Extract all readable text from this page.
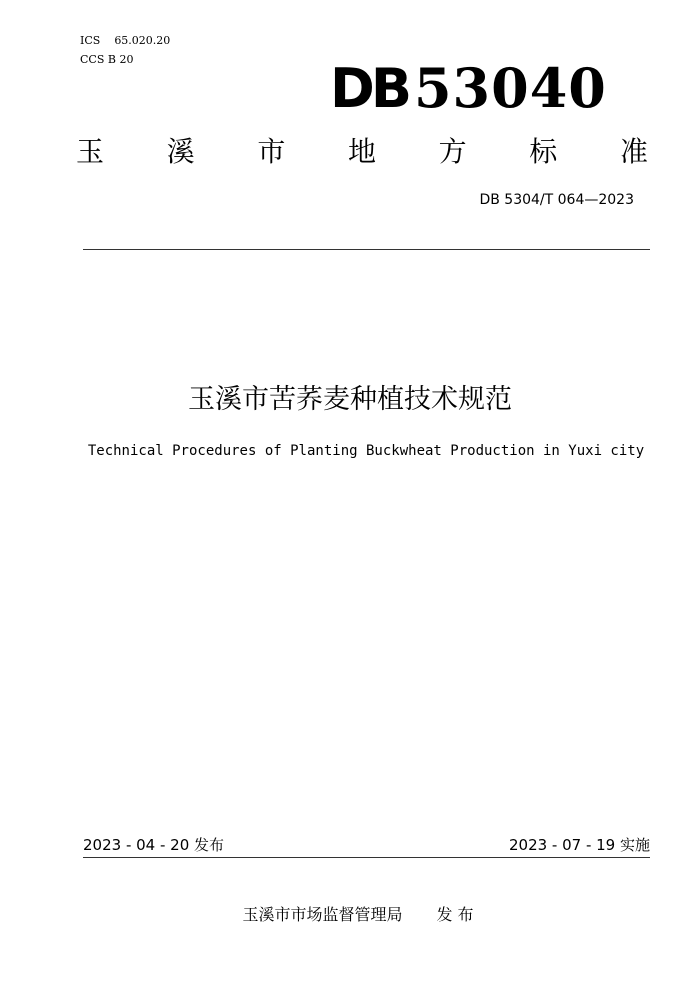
ICS 65.020.20
CCS B 20	DB 53040
玉 溪 市 地 方 标 准
DB 5304/T 064—2023
玉溪市苦荞麦种植技术规范
Technical Procedures of Planting Buckwheat Production in Yuxi city
2023 - 04 - 20 发布	2023 - 07 - 19 实施
玉溪市市场监督管理局 发 布
